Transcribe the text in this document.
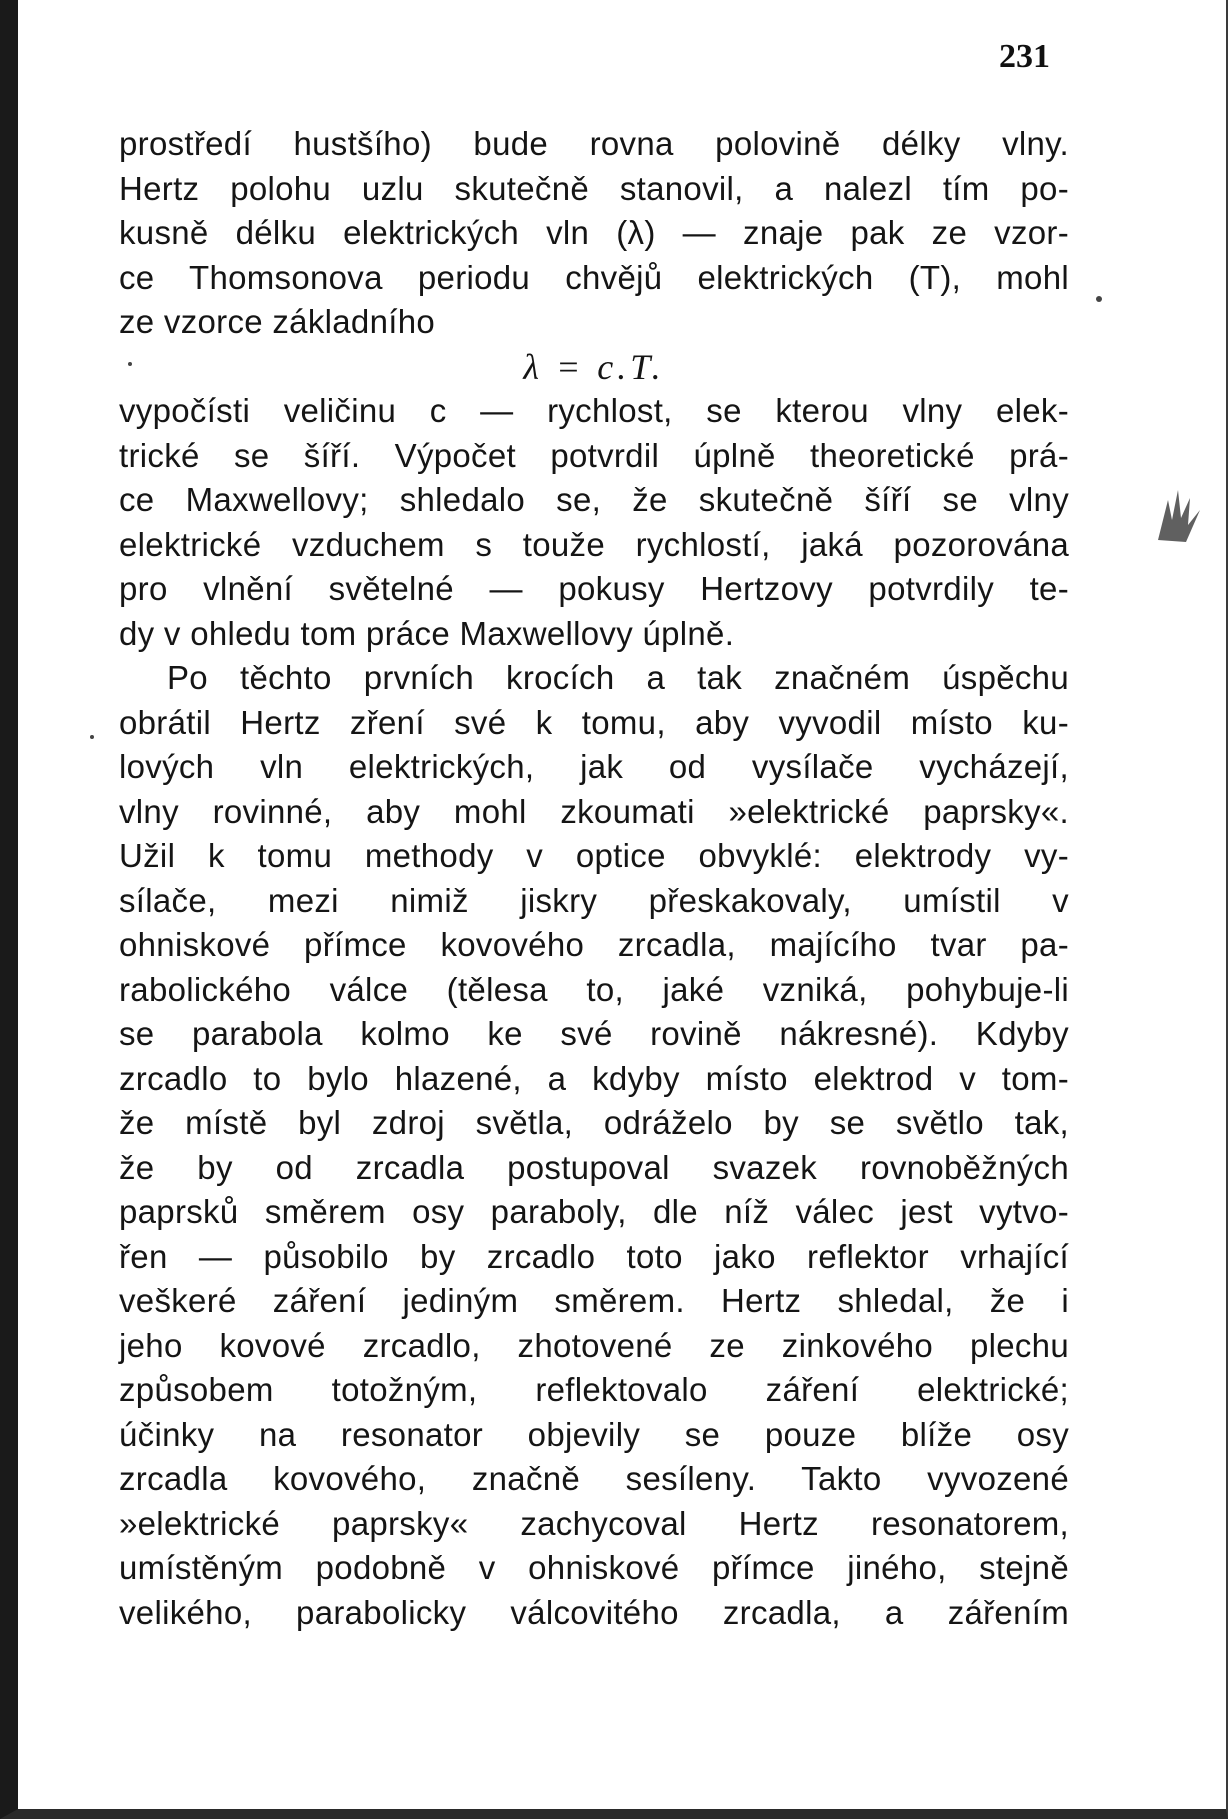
231
prostředí hustšího) bude rovna polovině délky vlny.
Hertz polohu uzlu skutečně stanovil, a nalezl tím po-
kusně délku elektrických vln (λ) — znaje pak ze vzor-
ce Thomsonova periodu chvějů elektrických (T), mohl
ze vzorce základního
λ = c.T.
vypočísti veličinu c — rychlost, se kterou vlny elek-
trické se šíří. Výpočet potvrdil úplně theoretické prá-
ce Maxwellovy; shledalo se, že skutečně šíří se vlny
elektrické vzduchem s touže rychlostí, jaká pozorována
pro vlnění světelné — pokusy Hertzovy potvrdily te-
dy v ohledu tom práce Maxwellovy úplně.
Po těchto prvních krocích a tak značném úspěchu
obrátil Hertz zření své k tomu, aby vyvodil místo ku-
lových vln elektrických, jak od vysílače vycházejí,
vlny rovinné, aby mohl zkoumati »elektrické paprsky«.
Užil k tomu methody v optice obvyklé: elektrody vy-
sílače, mezi nimiž jiskry přeskakovaly, umístil v
ohniskové přímce kovového zrcadla, majícího tvar pa-
rabolického válce (tělesa to, jaké vzniká, pohybuje-li
se parabola kolmo ke své rovině nákresné). Kdyby
zrcadlo to bylo hlazené, a kdyby místo elektrod v tom-
že místě byl zdroj světla, odráželo by se světlo tak,
že by od zrcadla postupoval svazek rovnoběžných
paprsků směrem osy paraboly, dle níž válec jest vytvo-
řen — působilo by zrcadlo toto jako reflektor vrhající
veškeré záření jediným směrem. Hertz shledal, že i
jeho kovové zrcadlo, zhotovené ze zinkového plechu
způsobem totožným, reflektovalo záření elektrické;
účinky na resonator objevily se pouze blíže osy
zrcadla kovového, značně sesíleny. Takto vyvozené
»elektrické paprsky« zachycoval Hertz resonatorem,
umístěným podobně v ohniskové přímce jiného, stejně
velikého, parabolicky válcovitého zrcadla, a zářením
